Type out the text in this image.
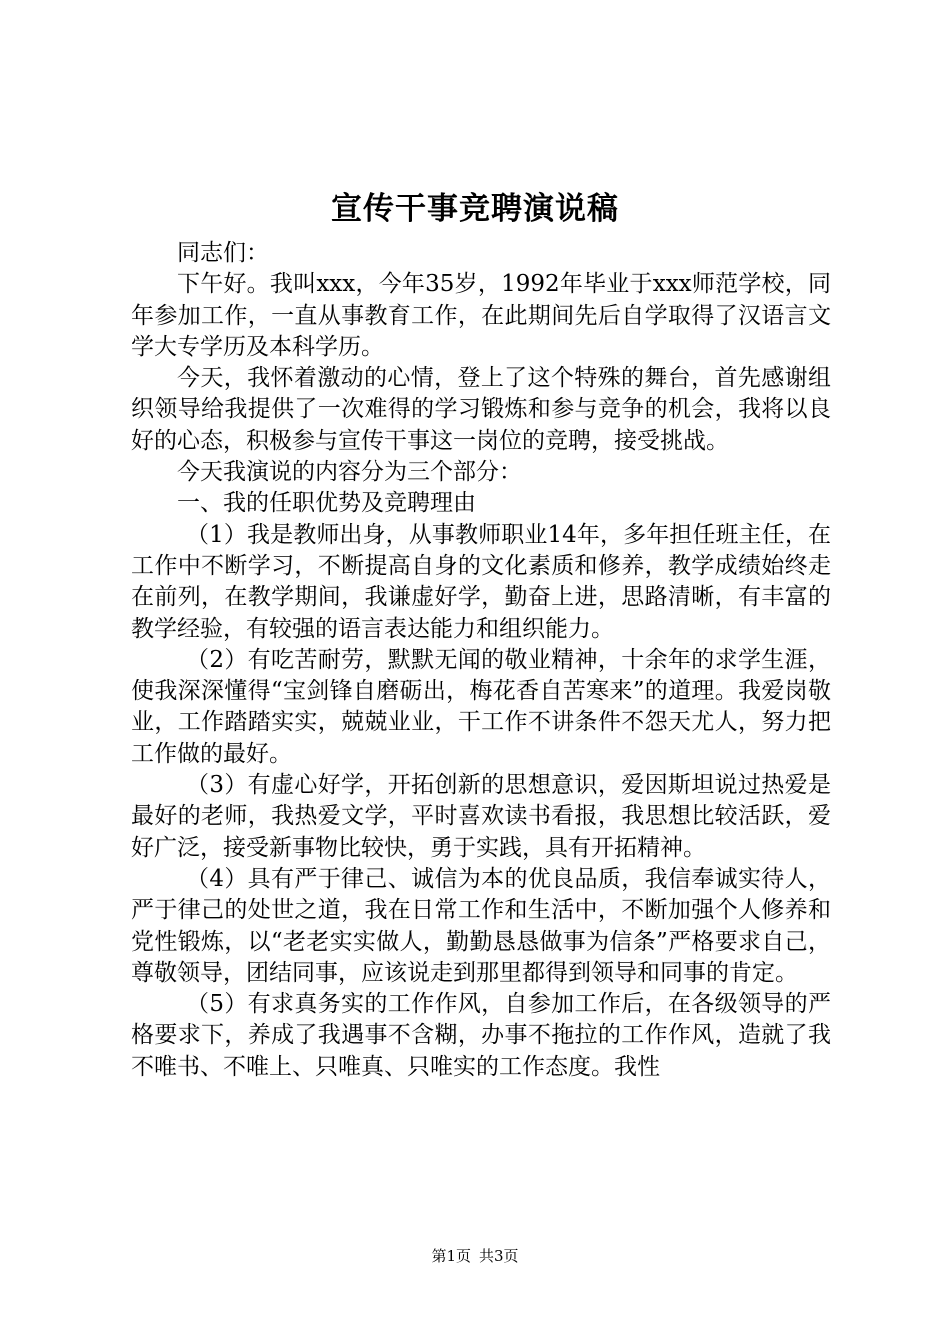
宣传干事竞聘演说稿

同志们：

下午好。我叫xxx，今年35岁，1992年毕业于xxx师范学校，同年参加工作，一直从事教育工作，在此期间先后自学取得了汉语言文学大专学历及本科学历。

今天，我怀着激动的心情，登上了这个特殊的舞台，首先感谢组织领导给我提供了一次难得的学习锻炼和参与竞争的机会，我将以良好的心态，积极参与宣传干事这一岗位的竞聘，接受挑战。

今天我演说的内容分为三个部分：

一、我的任职优势及竞聘理由

（1）我是教师出身，从事教师职业14年，多年担任班主任，在工作中不断学习，不断提高自身的文化素质和修养，教学成绩始终走在前列，在教学期间，我谦虚好学，勤奋上进，思路清晰，有丰富的教学经验，有较强的语言表达能力和组织能力。

（2）有吃苦耐劳，默默无闻的敬业精神，十余年的求学生涯，使我深深懂得“宝剑锋自磨砺出，梅花香自苦寒来”的道理。我爱岗敬业，工作踏踏实实，兢兢业业，干工作不讲条件不怨天尤人，努力把工作做的最好。

（3）有虚心好学，开拓创新的思想意识，爱因斯坦说过热爱是最好的老师，我热爱文学，平时喜欢读书看报，我思想比较活跃，爱好广泛，接受新事物比较快，勇于实践，具有开拓精神。

（4）具有严于律己、诚信为本的优良品质，我信奉诚实待人，严于律己的处世之道，我在日常工作和生活中，不断加强个人修养和党性锻炼，以“老老实实做人，勤勤恳恳做事为信条”严格要求自己，尊敬领导，团结同事，应该说走到那里都得到领导和同事的肯定。

（5）有求真务实的工作作风，自参加工作后，在各级领导的严格要求下，养成了我遇事不含糊，办事不拖拉的工作作风，造就了我不唯书、不唯上、只唯真、只唯实的工作态度。我性

第1页 共3页
